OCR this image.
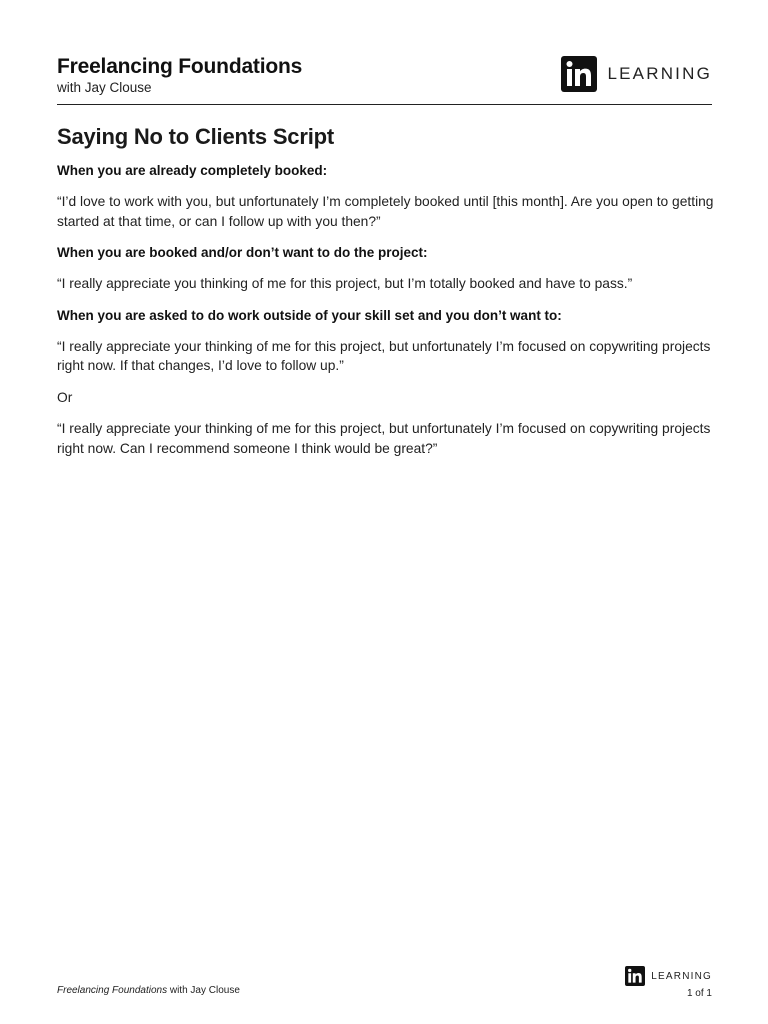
Freelancing Foundations
with Jay Clouse
LEARNING
Saying No to Clients Script
When you are already completely booked:

“I’d love to work with you, but unfortunately I’m completely booked until [this month]. Are you open to getting started at that time, or can I follow up with you then?”

When you are booked and/or don’t want to do the project:

“I really appreciate you thinking of me for this project, but I’m totally booked and have to pass.”

When you are asked to do work outside of your skill set and you don’t want to:

“I really appreciate your thinking of me for this project, but unfortunately I’m focused on copywriting projects right now. If that changes, I’d love to follow up.”

Or

“I really appreciate your thinking of me for this project, but unfortunately I’m focused on copywriting projects right now. Can I recommend someone I think would be great?”

Freelancing Foundations with Jay Clouse
LEARNING
1 of 1
